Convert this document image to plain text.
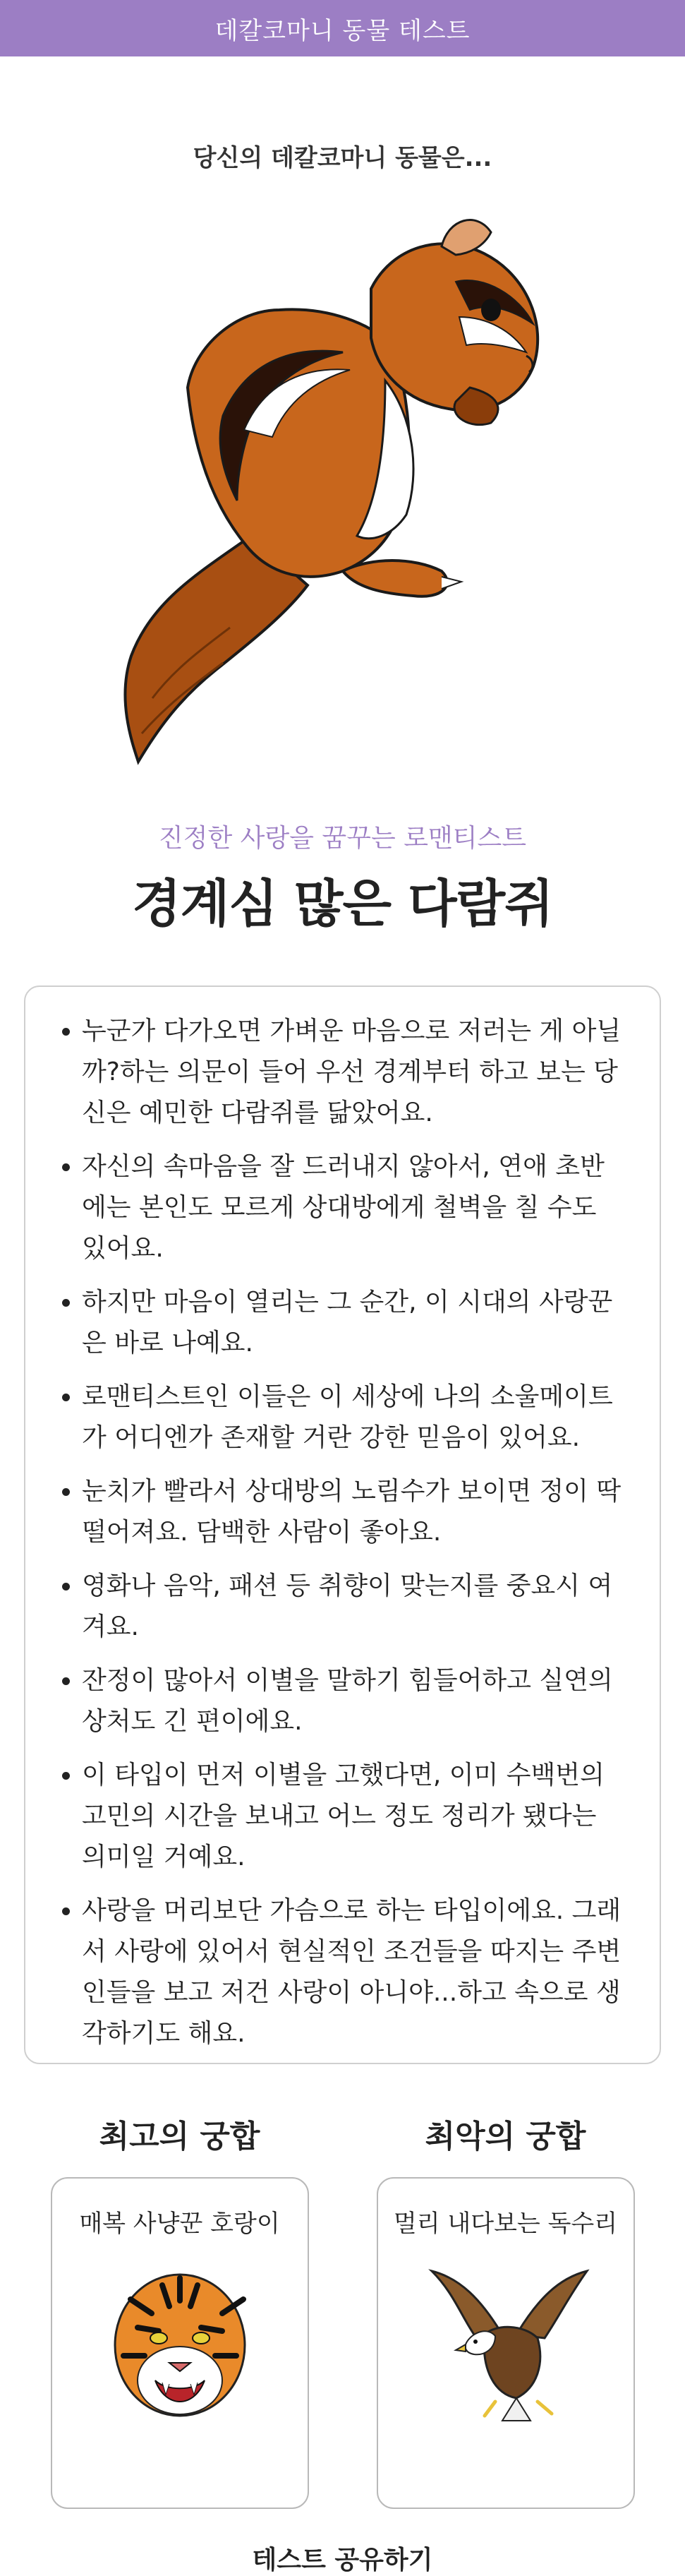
데칼코마니 동물 테스트
당신의 데칼코마니 동물은...
진정한 사랑을 꿈꾸는 로맨티스트
경계심 많은 다람쥐
• 누군가 다가오면 가벼운 마음으로 저러는 게 아닐까?하는 의문이 들어 우선 경계부터 하고 보는 당신은 예민한 다람쥐를 닮았어요.
• 자신의 속마음을 잘 드러내지 않아서, 연애 초반에는 본인도 모르게 상대방에게 철벽을 칠 수도 있어요.
• 하지만 마음이 열리는 그 순간, 이 시대의 사랑꾼은 바로 나예요.
• 로맨티스트인 이들은 이 세상에 나의 소울메이트가 어디엔가 존재할 거란 강한 믿음이 있어요.
• 눈치가 빨라서 상대방의 노림수가 보이면 정이 딱 떨어져요. 담백한 사람이 좋아요.
• 영화나 음악, 패션 등 취향이 맞는지를 중요시 여겨요.
• 잔정이 많아서 이별을 말하기 힘들어하고 실연의 상처도 긴 편이에요.
• 이 타입이 먼저 이별을 고했다면, 이미 수백번의 고민의 시간을 보내고 어느 정도 정리가 됐다는 의미일 거예요.
• 사랑을 머리보단 가슴으로 하는 타입이에요. 그래서 사랑에 있어서 현실적인 조건들을 따지는 주변인들을 보고 저건 사랑이 아니야...하고 속으로 생각하기도 해요.
최고의 궁합
매복 사냥꾼 호랑이
최악의 궁합
멀리 내다보는 독수리
테스트 공유하기
